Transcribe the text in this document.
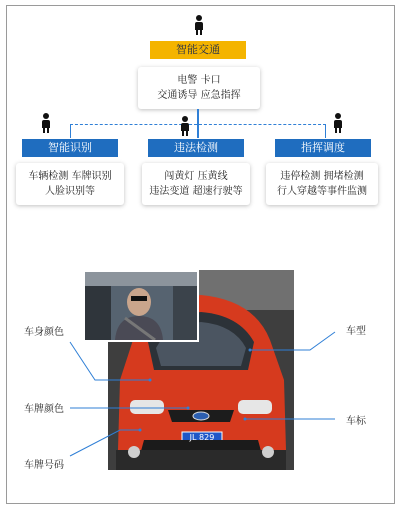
智能交通
电警 卡口
交通诱导 应急指挥
智能识别
车辆检测 车牌识别
人脸识别等
违法检测
闯黄灯 压黄线
违法变道 超速行驶等
指挥调度
违停检测 拥堵检测
行人穿越等事件监测
JL 829
车身颜色
车牌颜色
车牌号码
车型
车标
